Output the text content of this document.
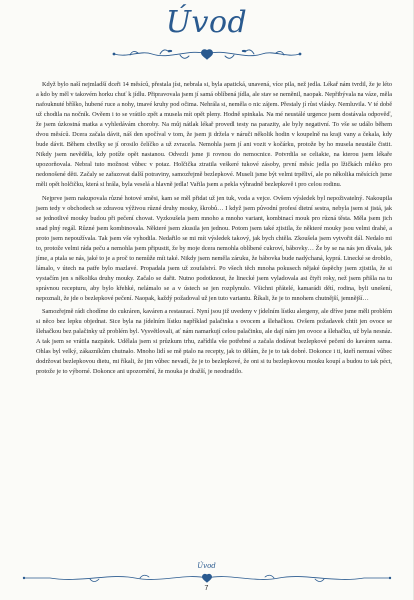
Úvod

Když bylo naší nejmladší dceři 14 měsíců, přestala jíst, nebrala si, byla apatická, unavená, více pila, než jedla. Lékař nám tvrdil, že je léto a kdo by měl v takovém horku chuť k jídlu. Připravovala jsem jí samá oblíbená jídla, ale stav se neměnil, naopak. Nepřibývala na váze, měla nafouknuté bříško, hubené ruce a nohy, tmavé kruhy pod očima. Nehrála si, neměla o nic zájem. Přestaly jí růst vlásky. Nemluvila. V té době už chodila na nočník. Ověem i to se vrátilo zpět a musela mít opět pleny. Hodně spinkala. Na mé neustálé urgence jsem dostávala odpověď, že jsem úzkostná matka a vyhledávám choroby. Na můj nátlak lékař provedl testy na parazity, ale byly negativní. To vše se událo během dvou měsíců. Dcera začala dávit, náš den spočíval v tom, že jsem ji držela v náruči několik hodin v koupelně na kraji vany a čekala, kdy bude dávit. Během chvilky se jí orosilo čelíčko a už zvracela. Nemohla jsem jí ani vozit v kočárku, protože by ho musela neustále čistit. Nikdy jsem nevěděla, kdy potíže opět nastanou. Odvezli jsme ji rovnou do nemocnice. Potvrdila se celiakie, na kterou jsem lékaře upozorňovala. Nebral tuto možnost vůbec v potaz. Holčička ztratila veškeré tukové zásoby, první měsíc jedla po lžičkách mléko pro nedonošené děti. Začaly se zařazovat další potraviny, samozřejmě bezlepkové. Museli jsme být velmi trpěliví, ale po několika měsících jsme měli opět holčičku, která si hrála, byla veselá a hlavně jedla! Vařila jsem a pekla výhradně bezlepkově i pro celou rodinu.

Nejprve jsem nakupovala různé hotové směsi, kam se měl přidat už jen tuk, voda a vejce. Ovšem výsledek byl nepoživatelný. Nakoupila jsem tedy v obchodech se zdravou výživou různé druhy mouky, škrobů… I když jsem původní profesí dietní sestra, nebyla jsem si jistá, jak se jednotlivé mouky budou při pečení chovat. Vyzkoušela jsem mnoho a mnoho variant, kombinací mouk pro různá těsta. Měla jsem jich snad plný regál. Různé jsem kombinovala. Některé jsem zkusila jen jednou. Potom jsem také zjistila, že některé mouky jsou velmi drahé, a proto jsem nepoužívala. Tak jsem vše vyhodila. Nedařilo se mi mít výsledek takový, jak bych chtěla. Zkoušela jsem vytvořit dál. Nedalo mi to, protože velmi ráda peču a nemohla jsem připustit, že by moje dcera nemohla oblíbené cukroví, bábovky… Že by se na nás jen dívala, jak jíme, a ptala se nás, jaké to je a proč to nemůže mít také. Nikdy jsem neměla záruku, že bábovka bude nadýchaná, kyprá. Linecké se drobilo, lámalo, v útech na patře bylo mazlavé. Propadala jsem už zoufalství. Po všech těch mnoha pokusech nějaké úspěchy jsem zjistila, že si vystačím jen s několika druhy mouky. Začalo se dařit. Nutno podotknout, že linecké jsem vyladovala asi čtyři roky, než jsem přišla na tu správnou recepturu, aby bylo křehké, nelámalo se a v ústech se jen rozplynulo. Všichni přátelé, kamarádi dětí, rodina, byli unešení, nepoznali, že jde o bezlepkové pečení. Naopak, každý požadoval už jen tuto variantu. Říkali, že je to mnohem chutnější, jemnější…

Samozřejmě rádi chodíme do cukráren, kaváren a restaurací. Nyní jsou již uvedeny v jídelním lístku alergeny, ale dříve jsme měli problém si něco bez lepku objednat. Sice byla na jídelním lístku například palačinka s ovocem a šlehačkou. Ovšem požadavek chtít jen ovoce se šlehačkou bez palačinky už problém byl. Vysvětlovali, ať nám namarkují celou palačinku, ale dají nám jen ovoce a šlehačku, už byla nesnáz. A tak jsem se vrátila nazpátek. Udělala jsem si průzkum trhu, zařídila vše potřebné a začala dodávat bezlepkové pečení do kaváren sama. Ohlas byl velký, zákazníkům chutnalo. Mnoho lidí se mě ptalo na recepty, jak to dělám, že je to tak dobré. Dokonce i ti, kteří nemusí vůbec dodržovat bezlepkovou dietu, mi říkali, že jim vůbec nevadí, že je to bezlepkové, že oni si tu bezlepkovou mouku koupí a budou to tak péct, protože je to výborné. Dokonce ani upozornění, že mouka je dražší, je neodradilo.

Úvod
7
